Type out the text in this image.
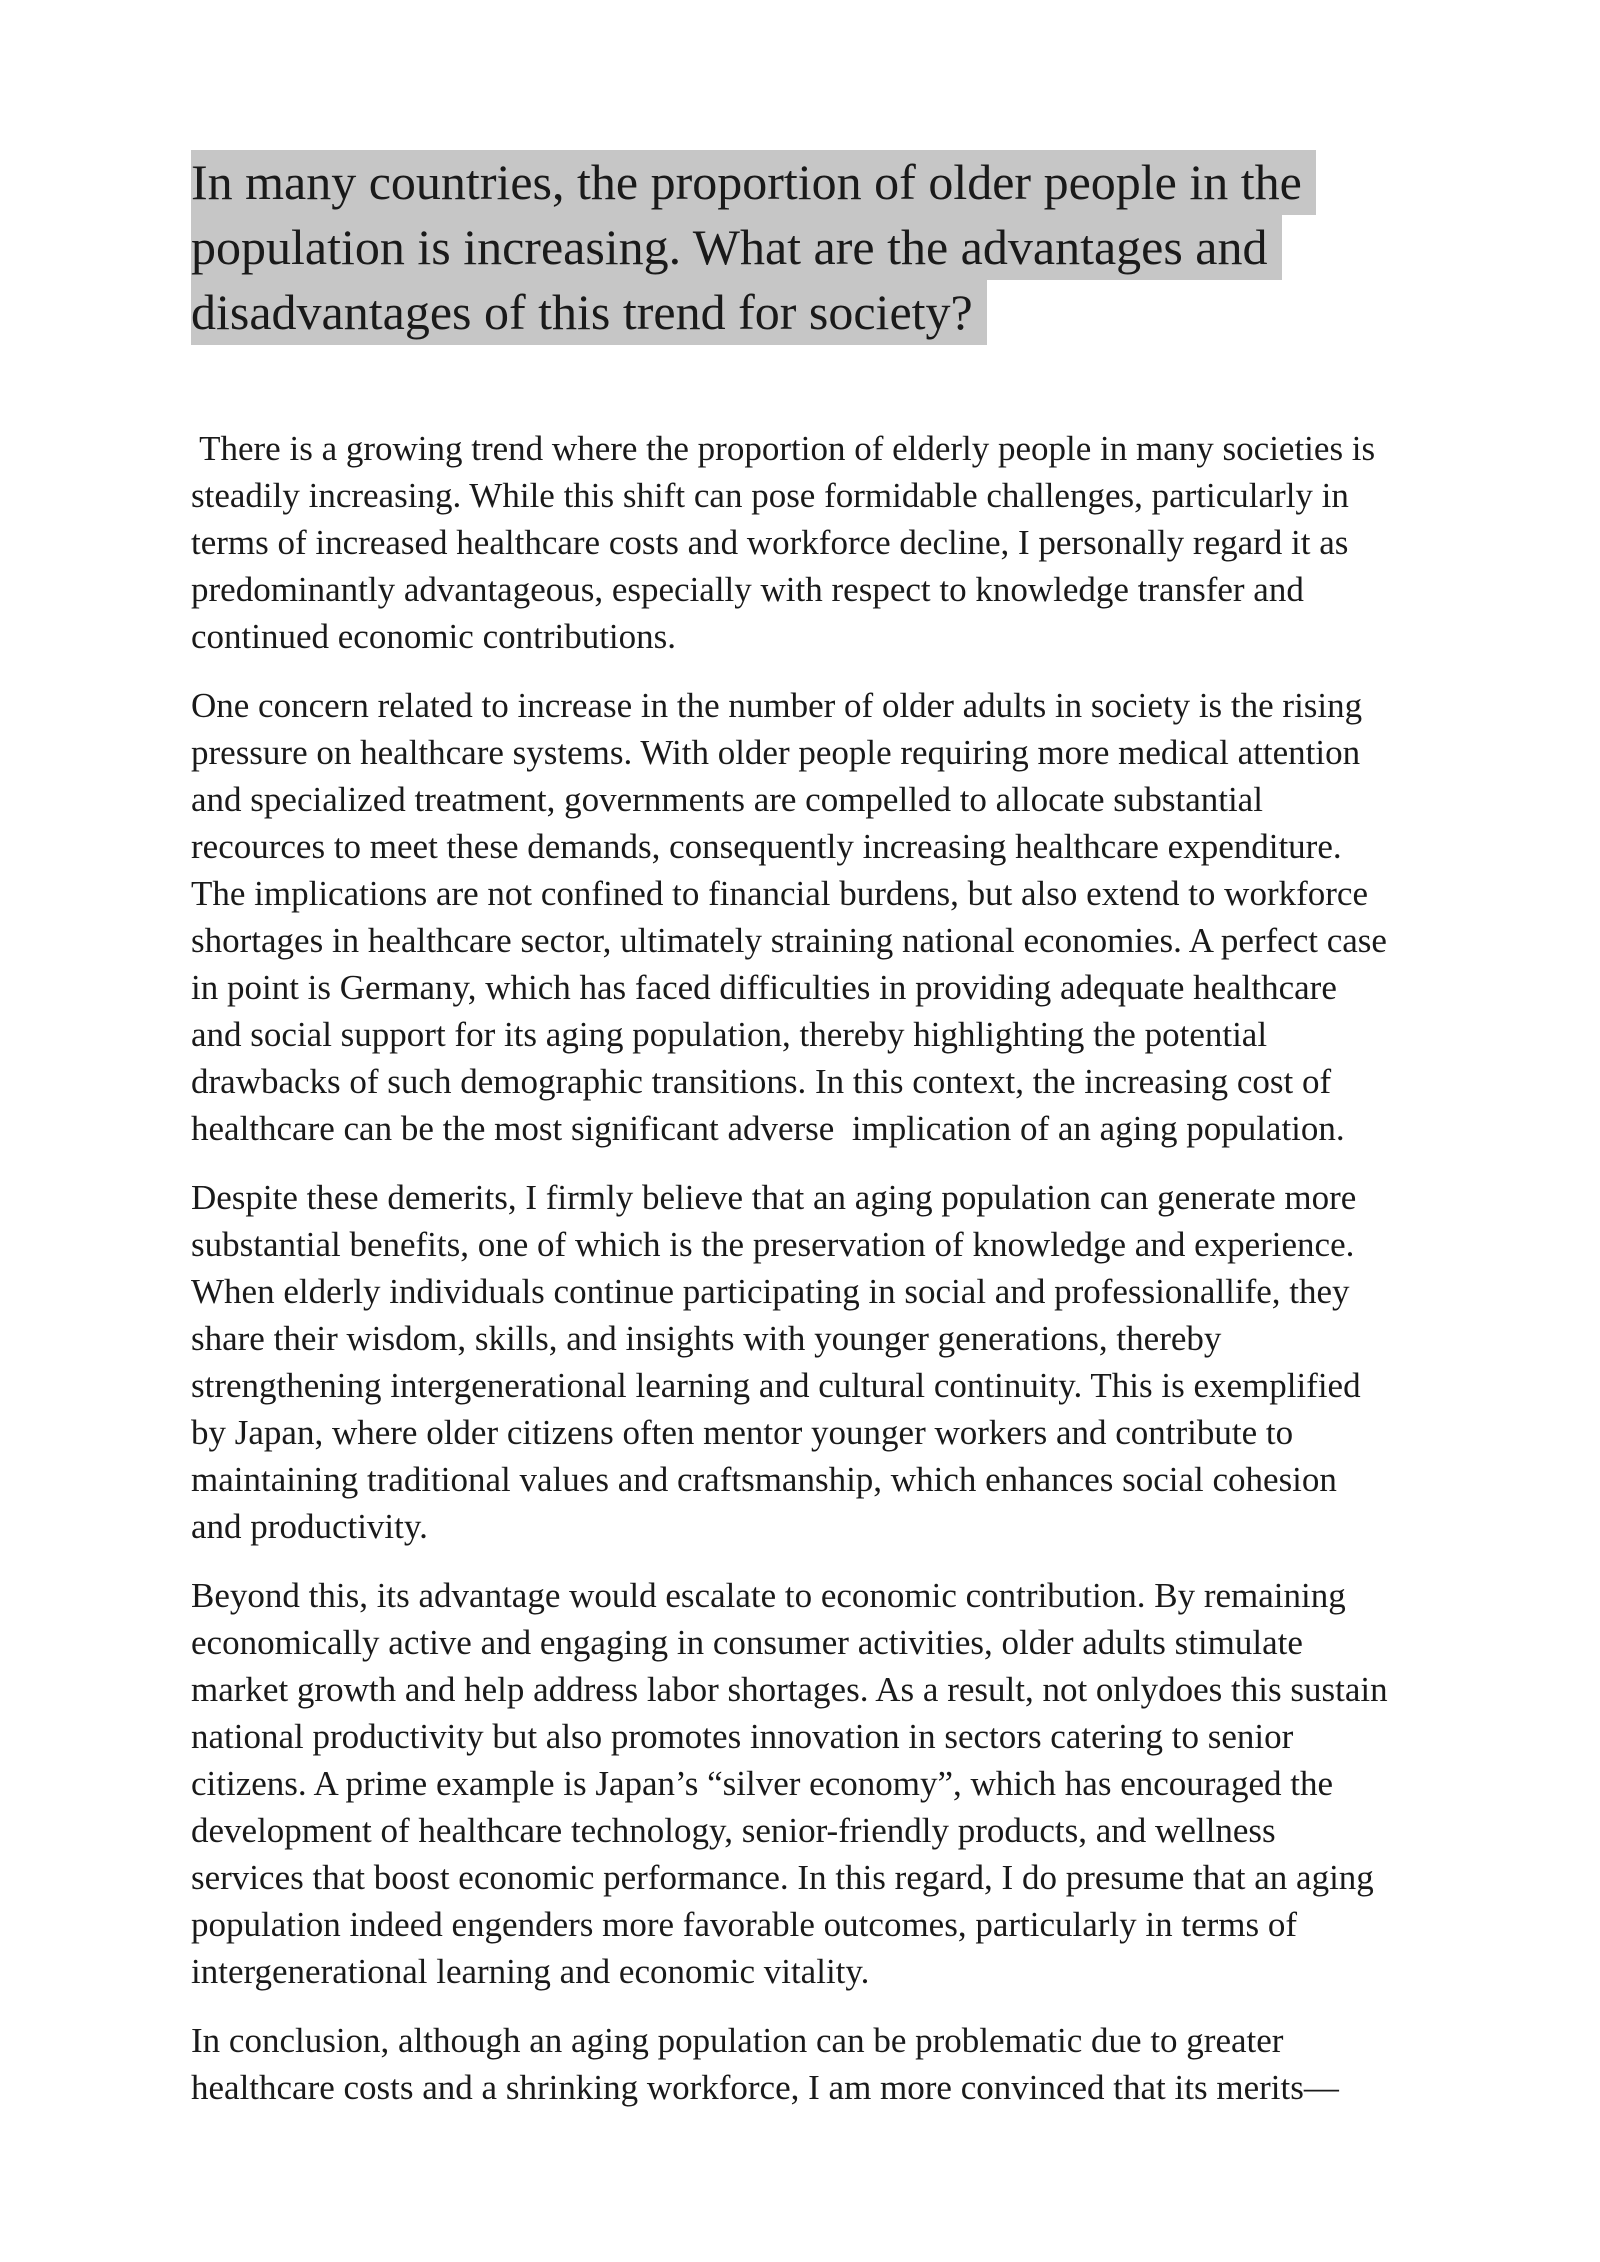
In many countries, the proportion of older people in the
population is increasing. What are the advantages and
disadvantages of this trend for society?

There is a growing trend where the proportion of elderly people in many societies is
steadily increasing. While this shift can pose formidable challenges, particularly in
terms of increased healthcare costs and workforce decline, I personally regard it as
predominantly advantageous, especially with respect to knowledge transfer and
continued economic contributions.

One concern related to increase in the number of older adults in society is the rising
pressure on healthcare systems. With older people requiring more medical attention
and specialized treatment, governments are compelled to allocate substantial
recources to meet these demands, consequently increasing healthcare expenditure.
The implications are not confined to financial burdens, but also extend to workforce
shortages in healthcare sector, ultimately straining national economies. A perfect case
in point is Germany, which has faced difficulties in providing adequate healthcare
and social support for its aging population, thereby highlighting the potential
drawbacks of such demographic transitions. In this context, the increasing cost of
healthcare can be the most significant adverse  implication of an aging population.

Despite these demerits, I firmly believe that an aging population can generate more
substantial benefits, one of which is the preservation of knowledge and experience.
When elderly individuals continue participating in social and professionallife, they
share their wisdom, skills, and insights with younger generations, thereby
strengthening intergenerational learning and cultural continuity. This is exemplified
by Japan, where older citizens often mentor younger workers and contribute to
maintaining traditional values and craftsmanship, which enhances social cohesion
and productivity.

Beyond this, its advantage would escalate to economic contribution. By remaining
economically active and engaging in consumer activities, older adults stimulate
market growth and help address labor shortages. As a result, not onlydoes this sustain
national productivity but also promotes innovation in sectors catering to senior
citizens. A prime example is Japan’s “silver economy”, which has encouraged the
development of healthcare technology, senior-friendly products, and wellness
services that boost economic performance. In this regard, I do presume that an aging
population indeed engenders more favorable outcomes, particularly in terms of
intergenerational learning and economic vitality.

In conclusion, although an aging population can be problematic due to greater
healthcare costs and a shrinking workforce, I am more convinced that its merits—
